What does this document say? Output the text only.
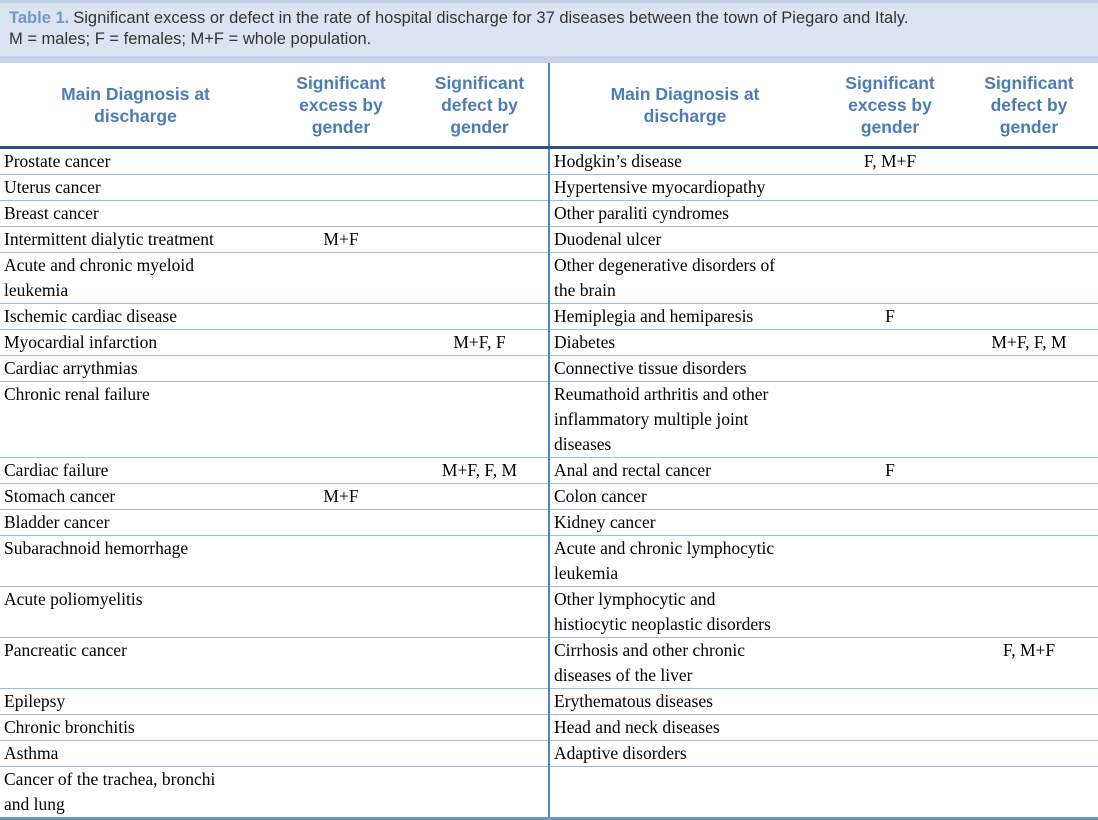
Table 1. Significant excess or defect in the rate of hospital discharge for 37 diseases between the town of Piegaro and Italy.
M = males; F = females; M+F = whole population.
Main Diagnosis at discharge	Significant excess by gender	Significant defect by gender	Main Diagnosis at discharge	Significant excess by gender	Significant defect by gender
Prostate cancer			Hodgkin’s disease	F, M+F	
Uterus cancer			Hypertensive myocardiopathy		
Breast cancer			Other paraliti cyndromes		
Intermittent dialytic treatment	M+F		Duodenal ulcer		
Acute and chronic myeloid leukemia			Other degenerative disorders of the brain		
Ischemic cardiac disease			Hemiplegia and hemiparesis	F	
Myocardial infarction		M+F, F	Diabetes		M+F, F, M
Cardiac arrythmias			Connective tissue disorders		
Chronic renal failure			Reumathoid arthritis and other inflammatory multiple joint diseases		
Cardiac failure		M+F, F, M	Anal and rectal cancer	F	
Stomach cancer	M+F		Colon cancer		
Bladder cancer			Kidney cancer		
Subarachnoid hemorrhage			Acute and chronic lymphocytic leukemia		
Acute poliomyelitis			Other lymphocytic and histiocytic neoplastic disorders		
Pancreatic cancer			Cirrhosis and other chronic diseases of the liver		F, M+F
Epilepsy			Erythematous diseases		
Chronic bronchitis			Head and neck diseases		
Asthma			Adaptive disorders		
Cancer of the trachea, bronchi and lung					
